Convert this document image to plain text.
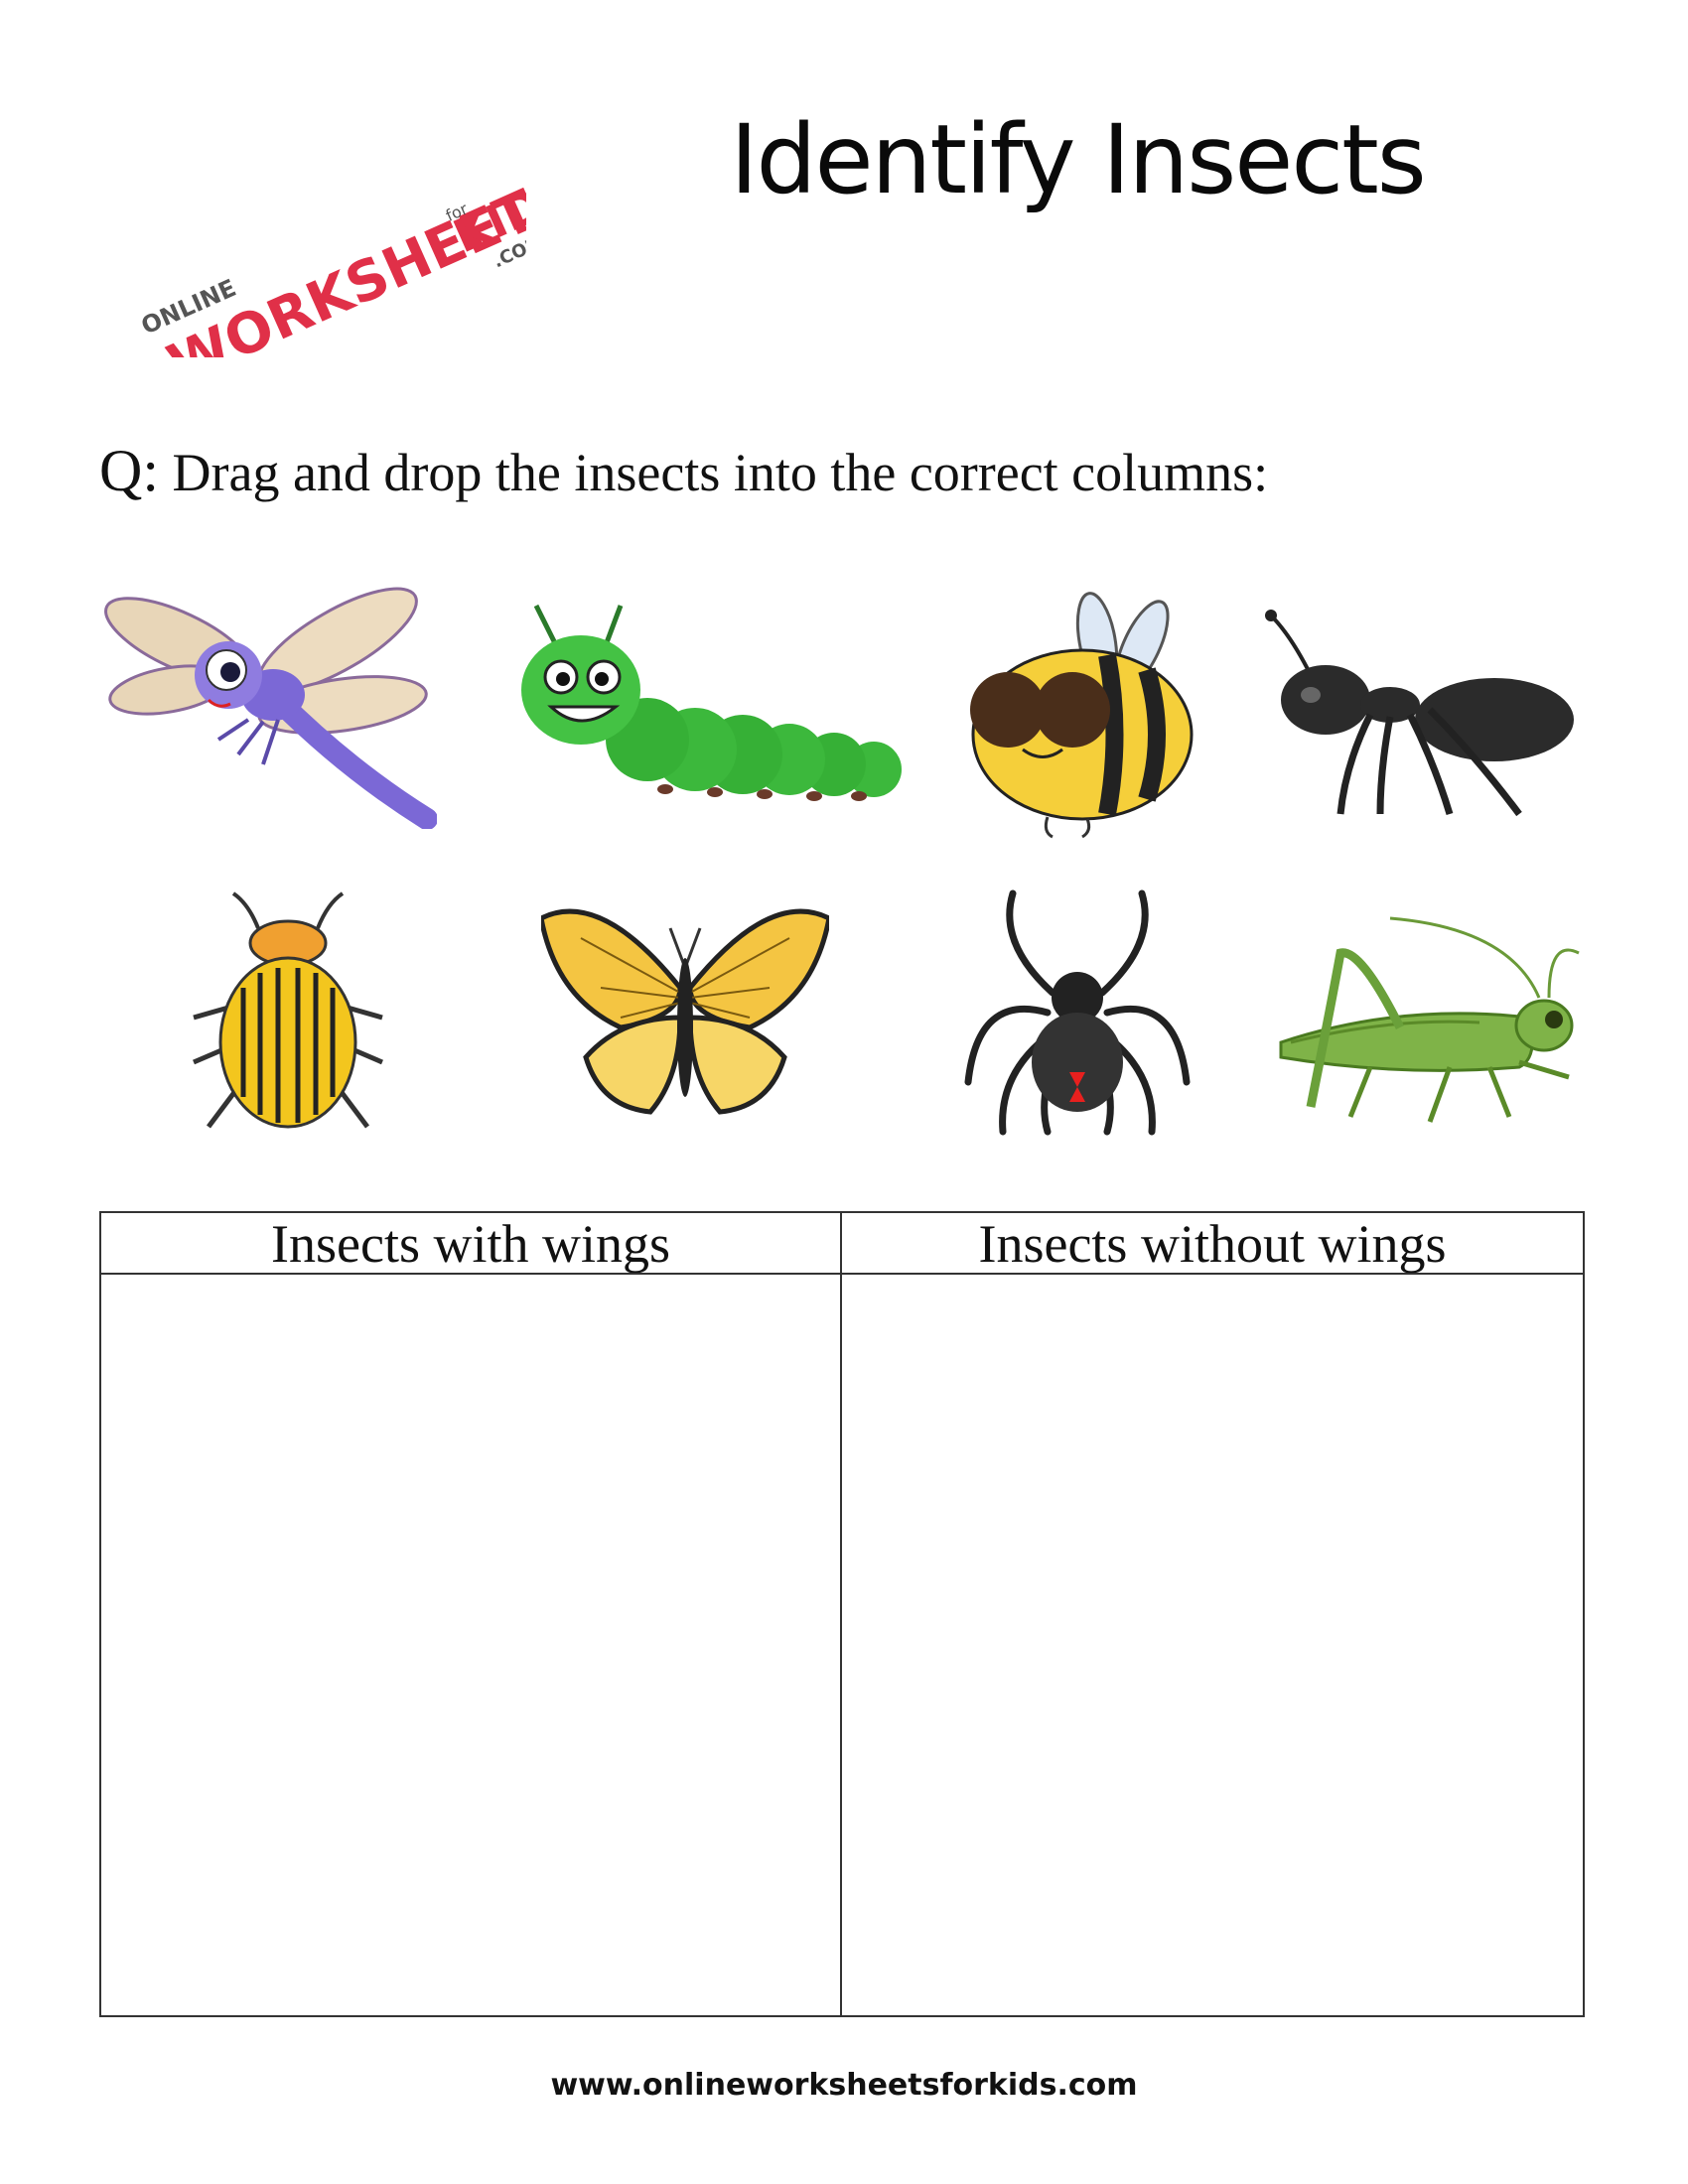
ONLINE
WORKSHEETS
for
KIDS
.COM
Identify Insects
Q: Drag and drop the insects into the correct columns:
Insects with wings	Insects without wings
www.onlineworksheetsforkids.com
